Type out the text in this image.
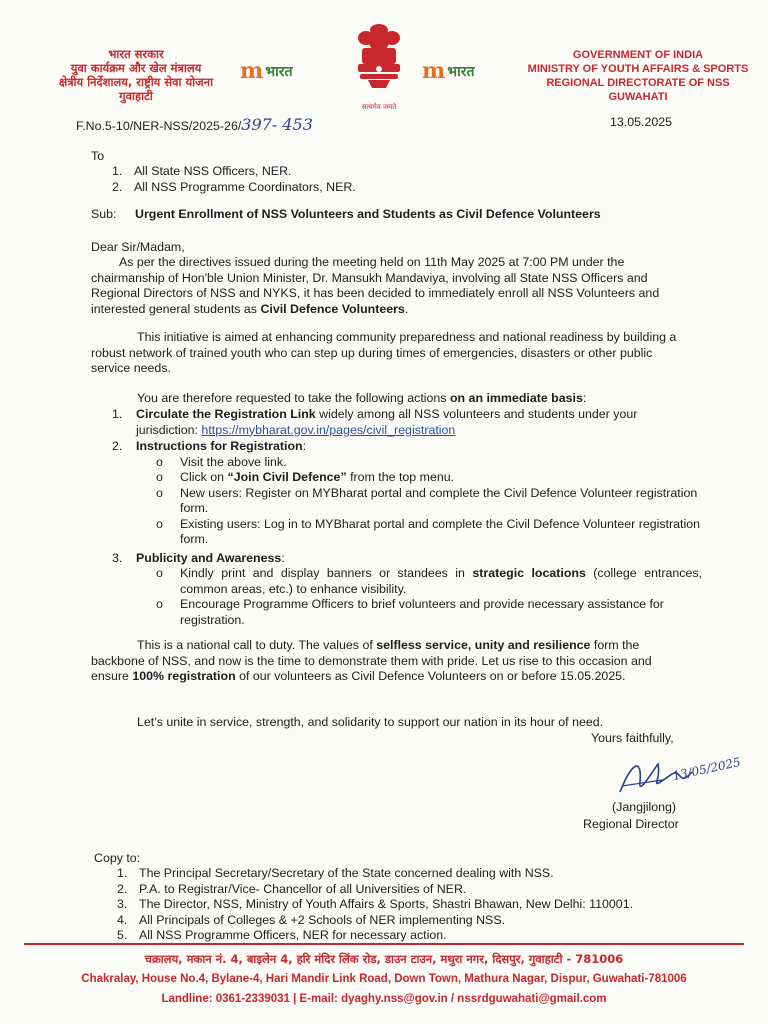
भारत सरकार
युवा कार्यक्रम और खेल मंत्रालय
क्षेत्रीय निर्देशालय, राष्ट्रीय सेवा योजना
गुवाहाटी
m भारत
सत्यमेव जयते
m भारत
GOVERNMENT OF INDIA
MINISTRY OF YOUTH AFFAIRS & SPORTS
REGIONAL DIRECTORATE OF NSS
GUWAHATI
F.No.5-10/NER-NSS/2025-26/397- 453	13.05.2025
To
1. All State NSS Officers, NER.
2. All NSS Programme Coordinators, NER.
Sub: Urgent Enrollment of NSS Volunteers and Students as Civil Defence Volunteers
Dear Sir/Madam,
As per the directives issued during the meeting held on 11th May 2025 at 7:00 PM under the chairmanship of Hon'ble Union Minister, Dr. Mansukh Mandaviya, involving all State NSS Officers and Regional Directors of NSS and NYKS, it has been decided to immediately enroll all NSS Volunteers and interested general students as Civil Defence Volunteers.
This initiative is aimed at enhancing community preparedness and national readiness by building a robust network of trained youth who can step up during times of emergencies, disasters or other public service needs.
You are therefore requested to take the following actions on an immediate basis:
1.	Circulate the Registration Link widely among all NSS volunteers and students under your jurisdiction: https://mybharat.gov.in/pages/civil_registration
2.	Instructions for Registration:
o	Visit the above link.
o	Click on “Join Civil Defence” from the top menu.
o	New users: Register on MYBharat portal and complete the Civil Defence Volunteer registration form.
o	Existing users: Log in to MYBharat portal and complete the Civil Defence Volunteer registration form.
3.	Publicity and Awareness:
o	Kindly print and display banners or standees in strategic locations (college entrances, common areas, etc.) to enhance visibility.
o	Encourage Programme Officers to brief volunteers and provide necessary assistance for registration.
This is a national call to duty. The values of selfless service, unity and resilience form the backbone of NSS, and now is the time to demonstrate them with pride. Let us rise to this occasion and ensure 100% registration of our volunteers as Civil Defence Volunteers on or before 15.05.2025.
Let’s unite in service, strength, and solidarity to support our nation in its hour of need.
Yours faithfully,
13/05/2025
(Jangjilong)
Regional Director
Copy to:
1. The Principal Secretary/Secretary of the State concerned dealing with NSS.
2. P.A. to Registrar/Vice- Chancellor of all Universities of NER.
3. The Director, NSS, Ministry of Youth Affairs & Sports, Shastri Bhawan, New Delhi: 110001.
4. All Principals of Colleges & +2 Schools of NER implementing NSS.
5. All NSS Programme Officers, NER for necessary action.
चक्रालय, मकान नं. 4, बाइलेन 4, हरि मंदिर लिंक रोड, डाउन टाउन, मथुरा नगर, दिसपुर, गुवाहाटी - 781006
Chakralay, House No.4, Bylane-4, Hari Mandir Link Road, Down Town, Mathura Nagar, Dispur, Guwahati-781006
Landline: 0361-2339031 | E-mail: dyaghy.nss@gov.in / nssrdguwahati@gmail.com
